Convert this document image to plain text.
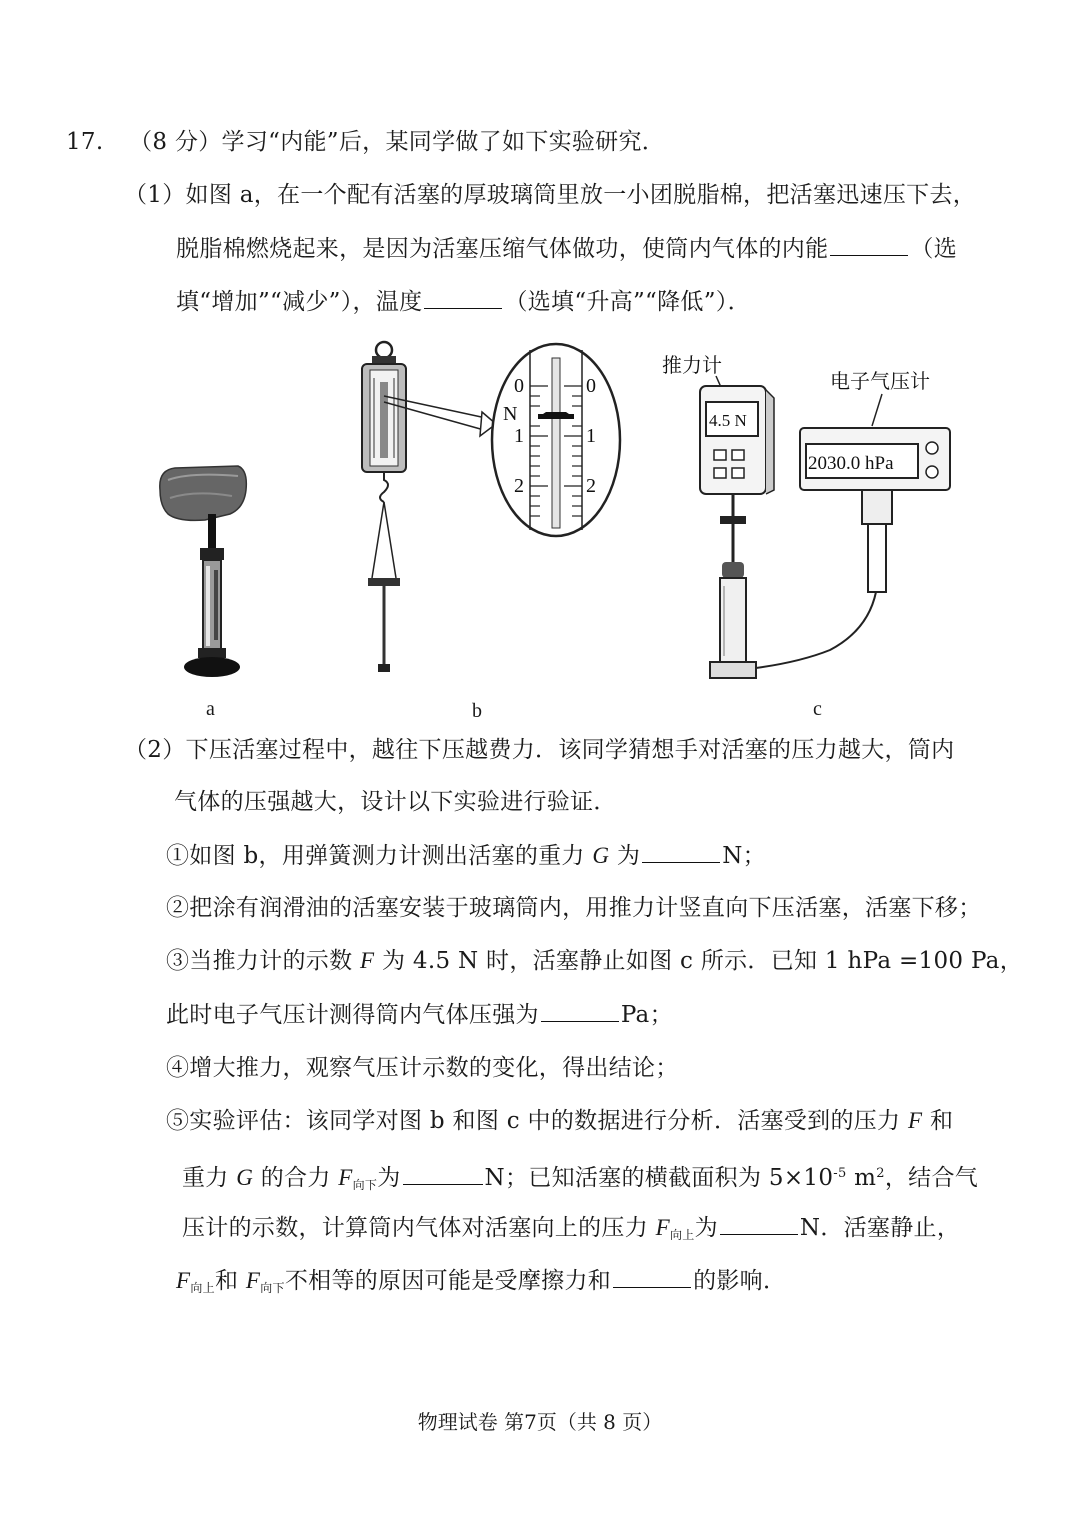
17. （8 分）学习“内能”后，某同学做了如下实验研究．
（1）如图 a，在一个配有活塞的厚玻璃筒里放一小团脱脂棉，把活塞迅速压下去，
脱脂棉燃烧起来，是因为活塞压缩气体做功，使筒内气体的内能	（选
填“增加”“减少”），温度	（选填“升高”“降低”）．
0	0
N
1	1
2	2
推力计
4.5 N
电子气压计
2030.0 hPa
a	b	c
（2）下压活塞过程中，越往下压越费力．该同学猜想手对活塞的压力越大，筒内
气体的压强越大，设计以下实验进行验证．
①如图 b，用弹簧测力计测出活塞的重力 G 为	N；
②把涂有润滑油的活塞安装于玻璃筒内，用推力计竖直向下压活塞，活塞下移；
③当推力计的示数 F 为 4.5 N 时，活塞静止如图 c 所示．已知 1 hPa =100 Pa，
此时电子气压计测得筒内气体压强为	Pa；
④增大推力，观察气压计示数的变化，得出结论；
⑤实验评估：该同学对图 b 和图 c 中的数据进行分析．活塞受到的压力 F 和
重力 G 的合力 $F_{向下}$为	N；已知活塞的横截面积为 $5\times 10^{-5}$ $m^2$，结合气
压计的示数，计算筒内气体对活塞向上的压力 $F_{向上}$为	N．活塞静止，
$F_{向上}$和 $F_{向下}$不相等的原因可能是受摩擦力和	的影响．
物理试卷 第7页（共 8 页）
